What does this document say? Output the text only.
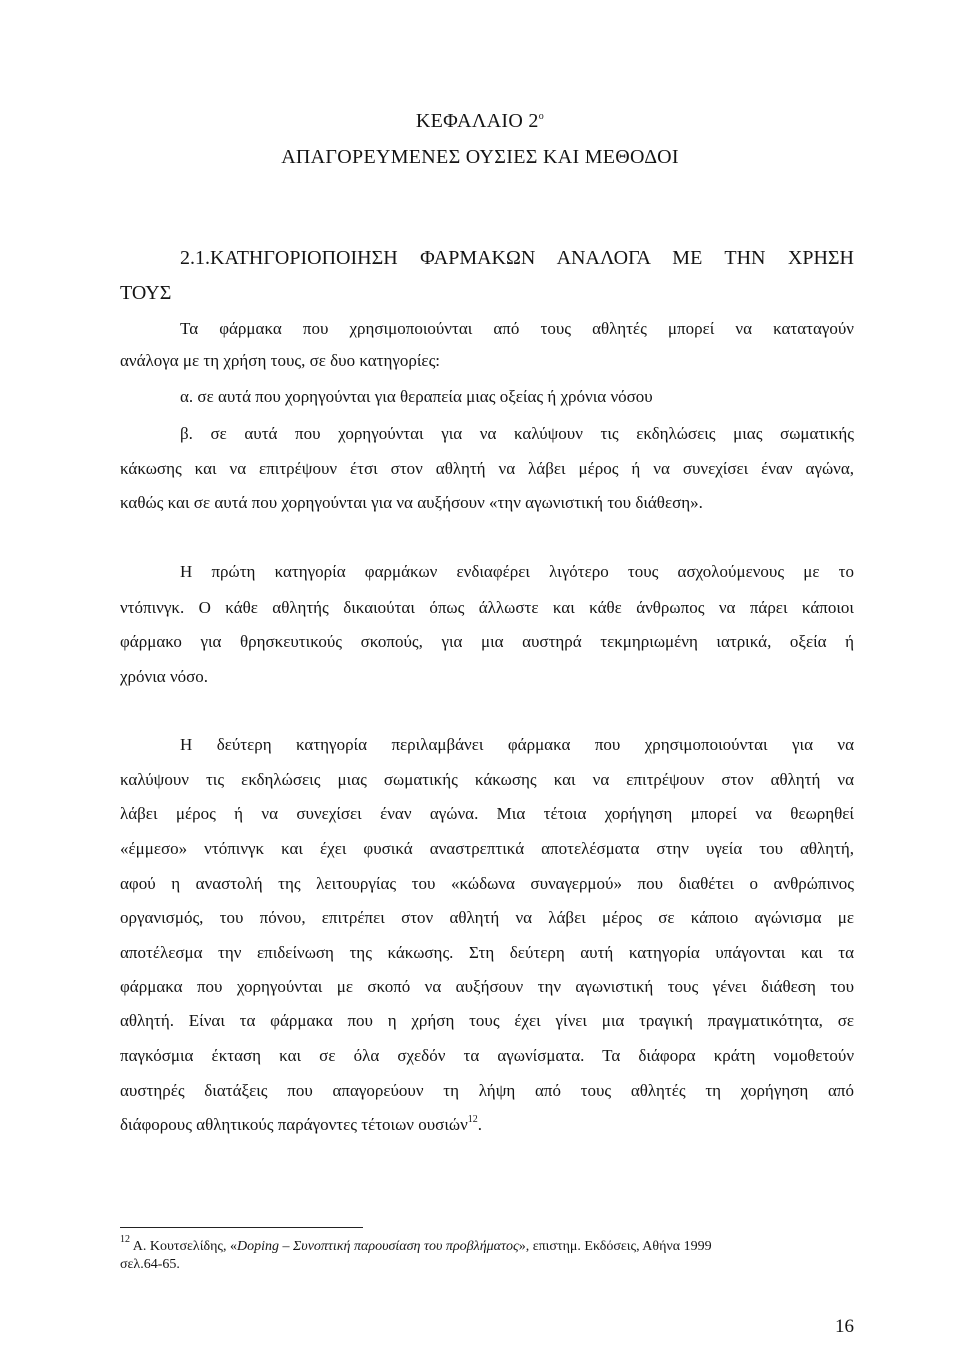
ΚΕΦΑΛΑΙΟ $2^o$
ΑΠΑΓΟΡΕΥΜΕΝΕΣ ΟΥΣΙΕΣ ΚΑΙ ΜΕΘΟΔΟΙ
2.1.ΚΑΤΗΓΟΡΙΟΠΟΙΗΣΗ ΦΑΡΜΑΚΩΝ ΑΝΑΛΟΓΑ ΜΕ ΤΗΝ ΧΡΗΣΗ
ΤΟΥΣ
Τα φάρμακα που χρησιμοποιούνται από τους αθλητές μπορεί να καταταγούν
ανάλογα με τη χρήση τους, σε δυο κατηγορίες:
α. σε αυτά που χορηγούνται για θεραπεία μιας οξείας ή χρόνια νόσου
β. σε αυτά που χορηγούνται για να καλύψουν τις εκδηλώσεις μιας σωματικής
κάκωσης και να επιτρέψουν έτσι στον αθλητή να λάβει μέρος ή να συνεχίσει έναν αγώνα,
καθώς και σε αυτά που χορηγούνται για να αυξήσουν «την αγωνιστική του διάθεση».
Η πρώτη κατηγορία φαρμάκων ενδιαφέρει λιγότερο τους ασχολούμενους με το
ντόπινγκ. Ο κάθε αθλητής δικαιούται όπως άλλωστε και κάθε άνθρωπος να πάρει κάποιοι
φάρμακο για θρησκευτικούς σκοπούς, για μια αυστηρά τεκμηριωμένη ιατρικά, οξεία ή
χρόνια νόσο.
Η δεύτερη κατηγορία περιλαμβάνει φάρμακα που χρησιμοποιούνται για να
καλύψουν τις εκδηλώσεις μιας σωματικής κάκωσης και να επιτρέψουν στον αθλητή να
λάβει μέρος ή να συνεχίσει έναν αγώνα. Μια τέτοια χορήγηση μπορεί να θεωρηθεί
«έμμεσο» ντόπινγκ και έχει φυσικά αναστρεπτικά αποτελέσματα στην υγεία του αθλητή,
αφού η αναστολή της λειτουργίας του «κώδωνα συναγερμού» που διαθέτει ο ανθρώπινος
οργανισμός, του πόνου, επιτρέπει στον αθλητή να λάβει μέρος σε κάποιο αγώνισμα με
αποτέλεσμα την επιδείνωση της κάκωσης. Στη δεύτερη αυτή κατηγορία υπάγονται και τα
φάρμακα που χορηγούνται με σκοπό να αυξήσουν την αγωνιστική τους γένει διάθεση του
αθλητή. Είναι τα φάρμακα που η χρήση τους έχει γίνει μια τραγική πραγματικότητα, σε
παγκόσμια έκταση και σε όλα σχεδόν τα αγωνίσματα. Τα διάφορα κράτη νομοθετούν
αυστηρές διατάξεις που απαγορεύουν τη λήψη από τους αθλητές τη χορήγηση από
διάφορους αθλητικούς παράγοντες τέτοιων ουσιών$^{12}$.
$^{12}$ Α. Κουτσελίδης, «Doping – Συνοπτική παρουσίαση του προβλήματος», επιστημ. Εκδόσεις, Αθήνα 1999
σελ.64-65.
16
